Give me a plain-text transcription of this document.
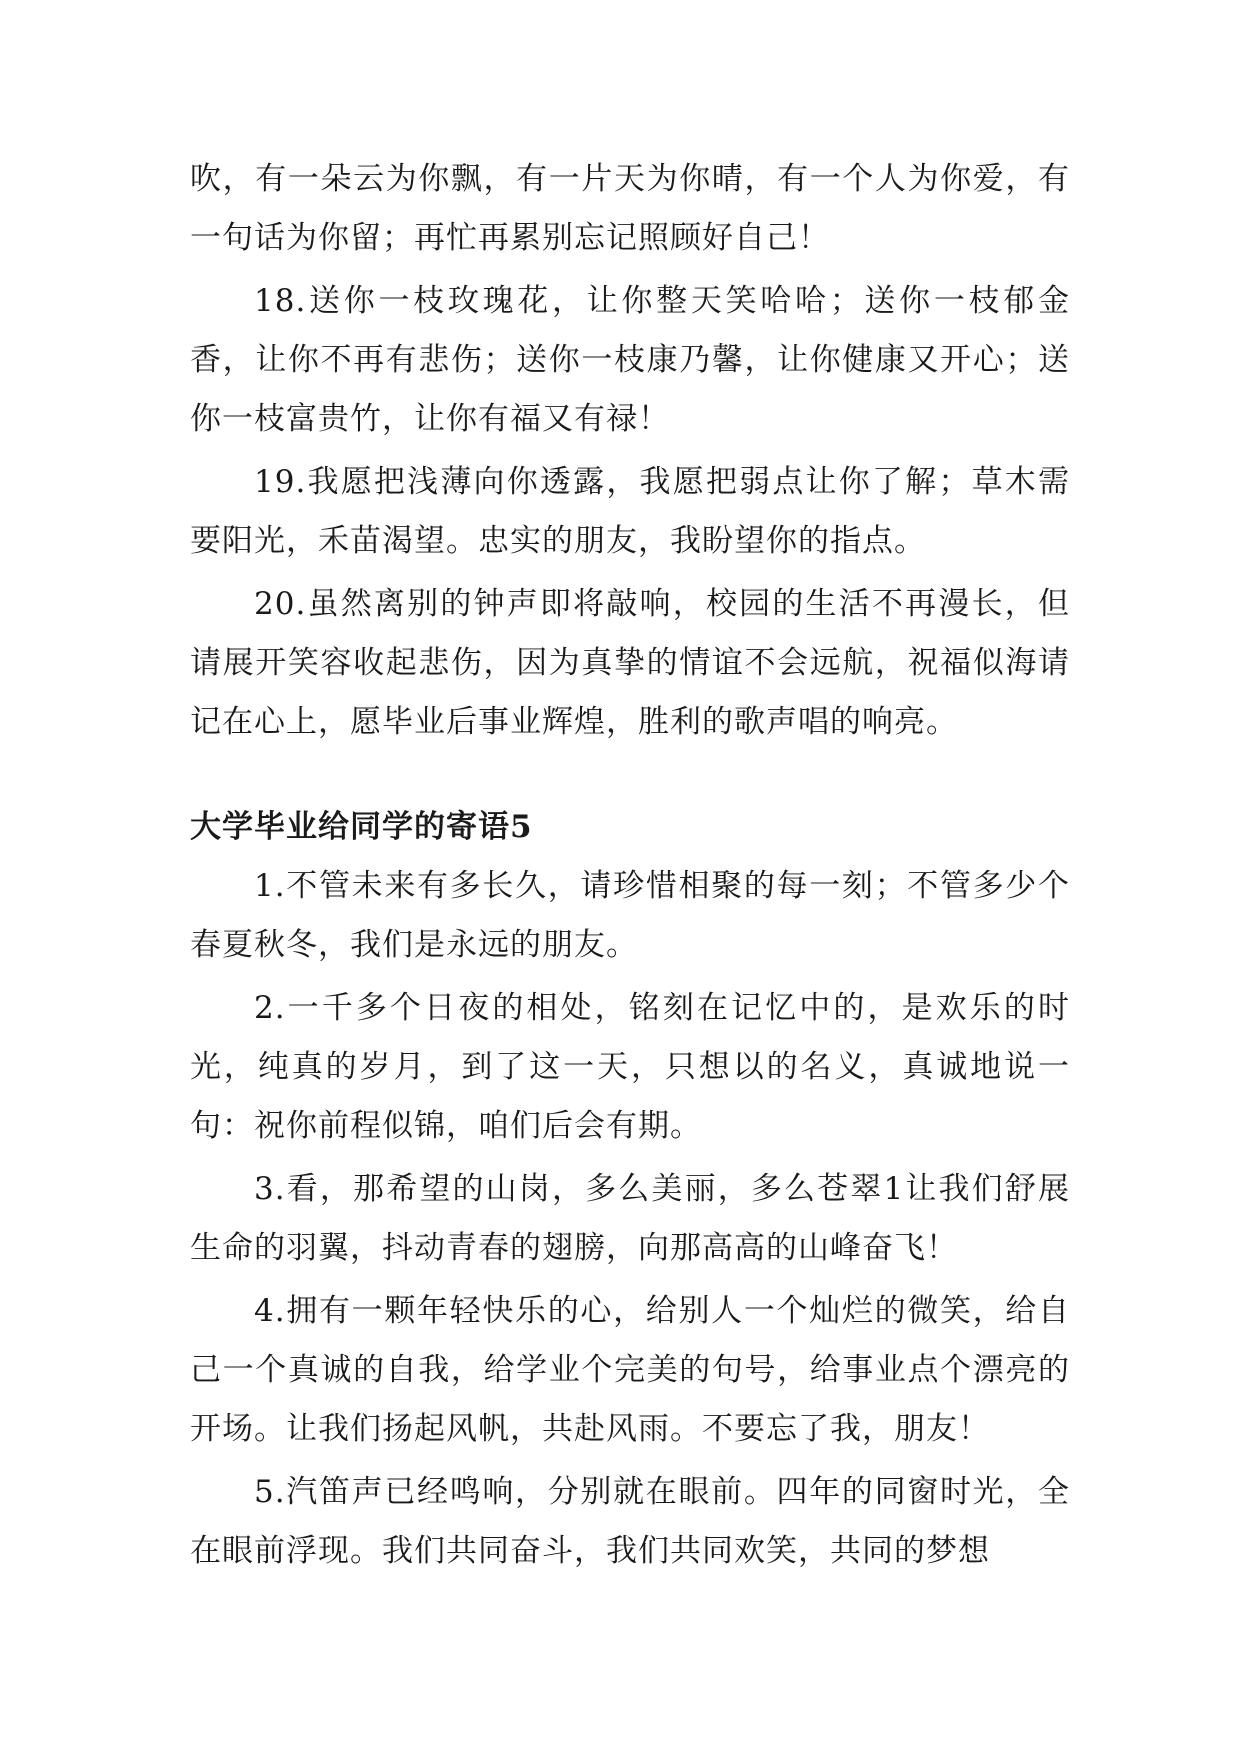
吹，有一朵云为你飘，有一片天为你晴，有一个人为你爱，有一句话为你留；再忙再累别忘记照顾好自己！

18.送你一枝玫瑰花，让你整天笑哈哈；送你一枝郁金香，让你不再有悲伤；送你一枝康乃馨，让你健康又开心；送你一枝富贵竹，让你有福又有禄！

19.我愿把浅薄向你透露，我愿把弱点让你了解；草木需要阳光，禾苗渴望。忠实的朋友，我盼望你的指点。

20.虽然离别的钟声即将敲响，校园的生活不再漫长，但请展开笑容收起悲伤，因为真挚的情谊不会远航，祝福似海请记在心上，愿毕业后事业辉煌，胜利的歌声唱的响亮。

大学毕业给同学的寄语5

1.不管未来有多长久，请珍惜相聚的每一刻；不管多少个春夏秋冬，我们是永远的朋友。

2.一千多个日夜的相处，铭刻在记忆中的，是欢乐的时光，纯真的岁月，到了这一天，只想以的名义，真诚地说一句：祝你前程似锦，咱们后会有期。

3.看，那希望的山岗，多么美丽，多么苍翠1让我们舒展生命的羽翼，抖动青春的翅膀，向那高高的山峰奋飞！

4.拥有一颗年轻快乐的心，给别人一个灿烂的微笑，给自己一个真诚的自我，给学业个完美的句号，给事业点个漂亮的开场。让我们扬起风帆，共赴风雨。不要忘了我，朋友！

5.汽笛声已经鸣响，分别就在眼前。四年的同窗时光，全在眼前浮现。我们共同奋斗，我们共同欢笑，共同的梦想
